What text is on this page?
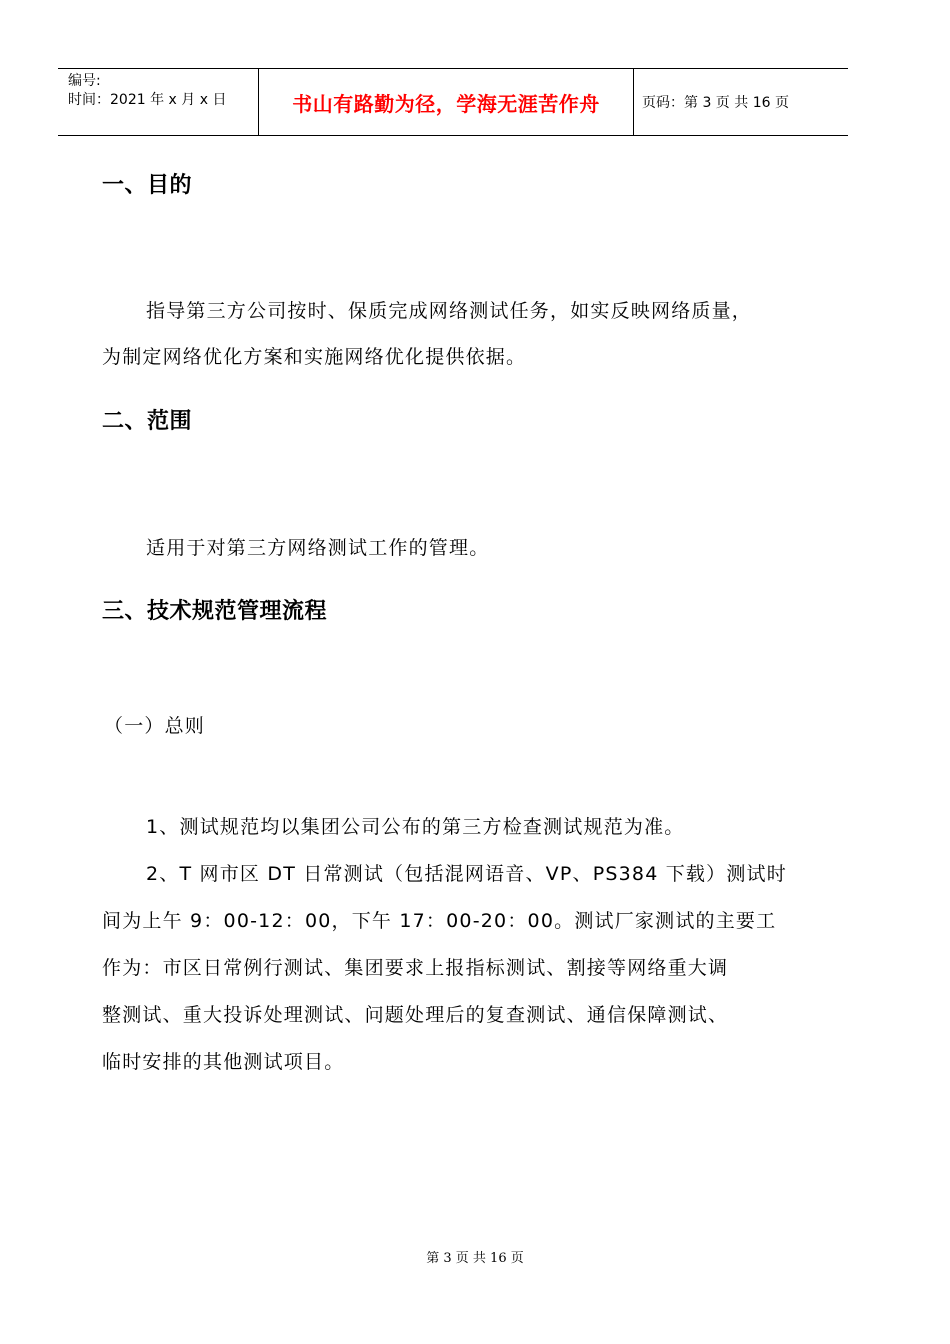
编号:
时间：2021 年 x 月 x 日	书山有路勤为径，学海无涯苦作舟	页码：第 3 页 共 16 页
一、目的
指导第三方公司按时、保质完成网络测试任务，如实反映网络质量，
为制定网络优化方案和实施网络优化提供依据。
二、范围
适用于对第三方网络测试工作的管理。
三、技术规范管理流程
（一）总则
1、测试规范均以集团公司公布的第三方检查测试规范为准。
2、T 网市区 DT 日常测试（包括混网语音、VP、PS384 下载）测试时
间为上午 9：00-12：00，下午 17：00-20：00。测试厂家测试的主要工
作为：市区日常例行测试、集团要求上报指标测试、割接等网络重大调
整测试、重大投诉处理测试、问题处理后的复查测试、通信保障测试、
临时安排的其他测试项目。
第 3 页 共 16 页
